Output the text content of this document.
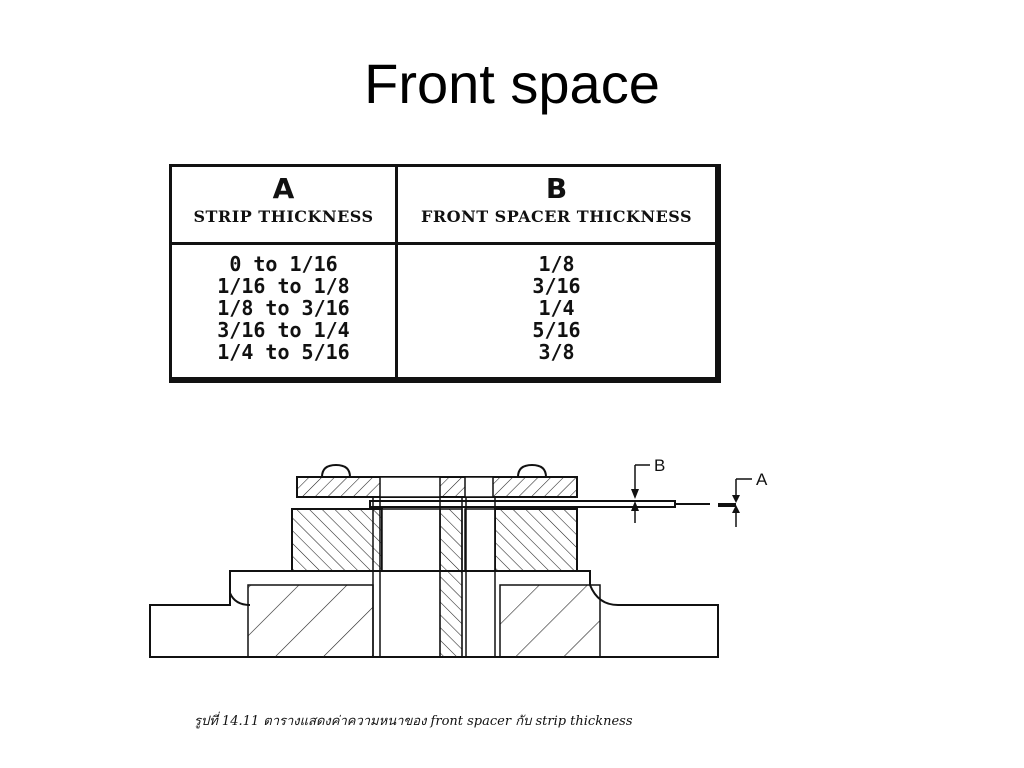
Front space
A
STRIP THICKNESS
B
FRONT SPACER THICKNESS
0 to 1/16
1/16 to 1/8
1/8 to 3/16
3/16 to 1/4
1/4 to 5/16
1/8
3/16
1/4
5/16
3/8
B
A
รูปที่ 14.11 ตารางแสดงค่าความหนาของ front spacer กับ strip thickness
